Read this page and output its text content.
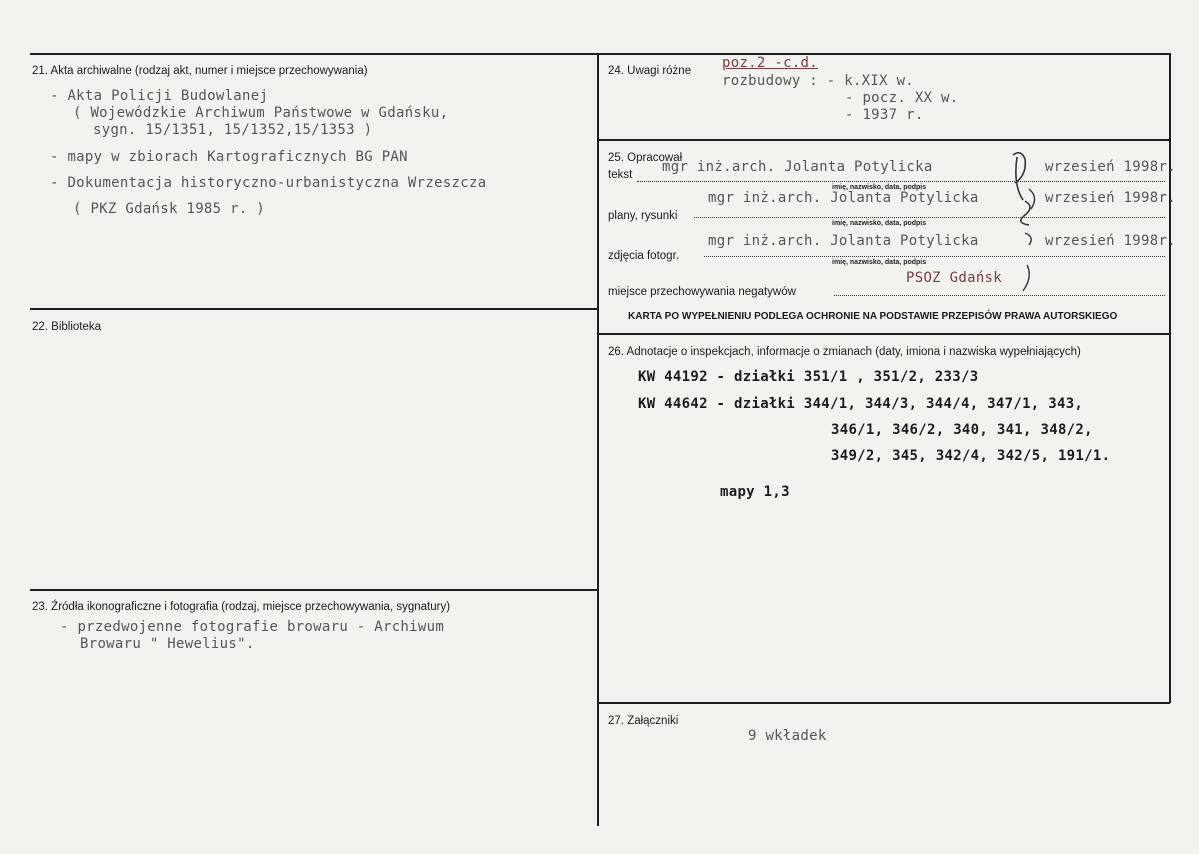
21. Akta archiwalne (rodzaj akt, numer i miejsce przechowywania)
- Akta Policji Budowlanej
( Wojewódzkie Archiwum Państwowe w Gdańsku,
sygn. 15/1351, 15/1352,15/1353 )
- mapy w zbiorach Kartograficznych BG PAN
- Dokumentacja historyczno-urbanistyczna Wrzeszcza
( PKZ Gdańsk 1985 r. )
22. Biblioteka
23. Źródła ikonograficzne i fotografia (rodzaj, miejsce przechowywania, sygnatury)
- przedwojenne fotografie browaru - Archiwum
Browaru " Hewelius".
24. Uwagi różne poz.2 -c.d.
rozbudowy : - k.XIX w.
- pocz. XX w.
- 1937 r.
25. Opracował
tekst mgr inż.arch. Jolanta Potylicka	wrzesień 1998r.
imię, nazwisko, data, podpis
plany, rysunki
mgr inż.arch. Jolanta Potylicka	wrzesień 1998r.
imię, nazwisko, data, podpis
zdjęcia fotogr.
mgr inż.arch. Jolanta Potylicka	wrzesień 1998r.
imię, nazwisko, data, podpis
miejsce przechowywania negatywów
PSOZ Gdańsk
KARTA PO WYPEŁNIENIU PODLEGA OCHRONIE NA PODSTAWIE PRZEPISÓW PRAWA AUTORSKIEGO
26. Adnotacje o inspekcjach, informacje o zmianach (daty, imiona i nazwiska wypełniających)
KW 44192 - działki 351/1 , 351/2, 233/3
KW 44642 - działki 344/1, 344/3, 344/4, 347/1, 343,
346/1, 346/2, 340, 341, 348/2,
349/2, 345, 342/4, 342/5, 191/1.
mapy 1,3
27. Załączniki
9 wkładek
